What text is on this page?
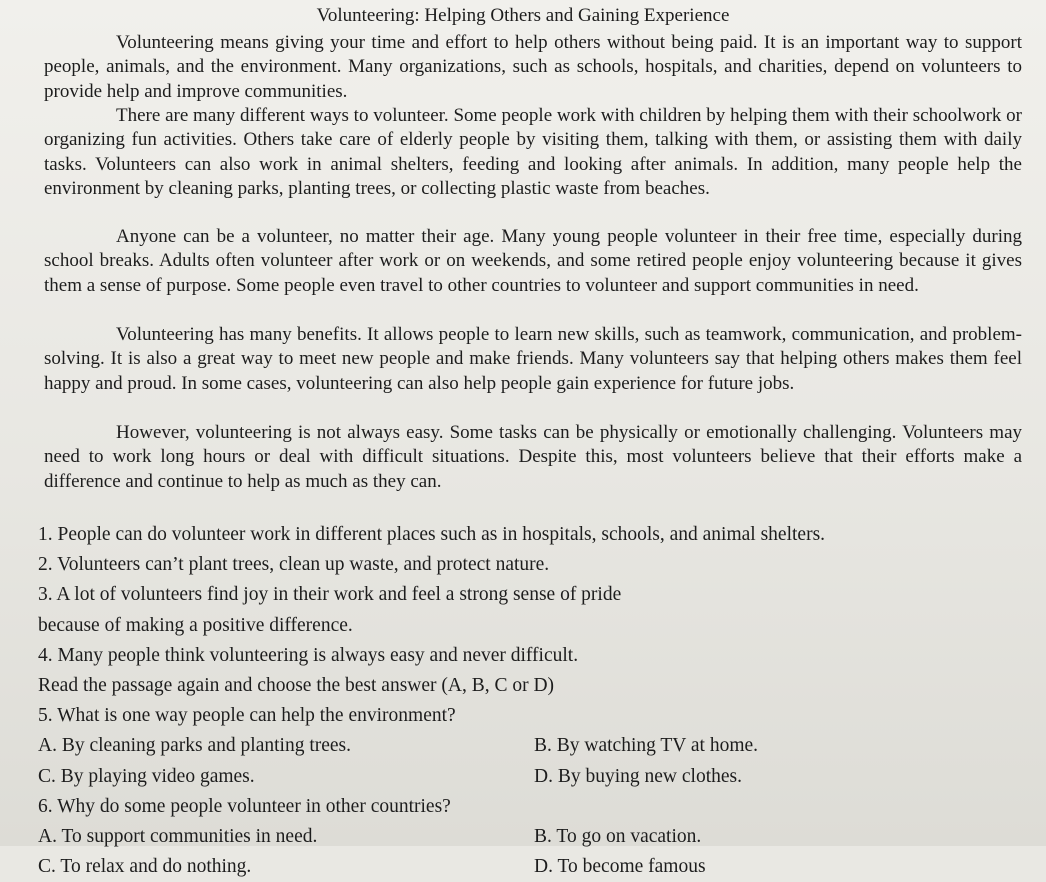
Volunteering: Helping Others and Gaining Experience

Volunteering means giving your time and effort to help others without being paid. It is an important way to support people, animals, and the environment. Many organizations, such as schools, hospitals, and charities, depend on volunteers to provide help and improve communities.

There are many different ways to volunteer. Some people work with children by helping them with their schoolwork or organizing fun activities. Others take care of elderly people by visiting them, talking with them, or assisting them with daily tasks. Volunteers can also work in animal shelters, feeding and looking after animals. In addition, many people help the environment by cleaning parks, planting trees, or collecting plastic waste from beaches.

Anyone can be a volunteer, no matter their age. Many young people volunteer in their free time, especially during school breaks. Adults often volunteer after work or on weekends, and some retired people enjoy volunteering because it gives them a sense of purpose. Some people even travel to other countries to volunteer and support communities in need.

Volunteering has many benefits. It allows people to learn new skills, such as teamwork, communication, and problem-solving. It is also a great way to meet new people and make friends. Many volunteers say that helping others makes them feel happy and proud. In some cases, volunteering can also help people gain experience for future jobs.

However, volunteering is not always easy. Some tasks can be physically or emotionally challenging. Volunteers may need to work long hours or deal with difficult situations. Despite this, most volunteers believe that their efforts make a difference and continue to help as much as they can.

1. People can do volunteer work in different places such as in hospitals, schools, and animal shelters.

2. Volunteers can’t plant trees, clean up waste, and protect nature.

3. A lot of volunteers find joy in their work and feel a strong sense of pride

because of making a positive difference.

4. Many people think volunteering is always easy and never difficult.

Read the passage again and choose the best answer (A, B, C or D)

5. What is one way people can help the environment?

A. By cleaning parks and planting trees.	B. By watching TV at home.
C. By playing video games.	D. By buying new clothes.

6. Why do some people volunteer in other countries?

A. To support communities in need.	B. To go on vacation.
C. To relax and do nothing.	D. To become famous
